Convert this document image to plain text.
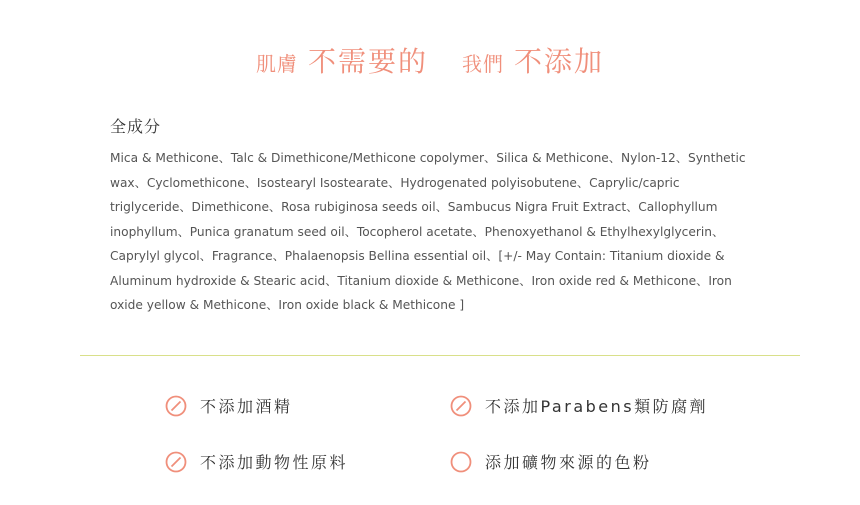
肌膚 不需要的 我們 不添加
全成分
Mica & Methicone、Talc & Dimethicone/Methicone copolymer、Silica & Methicone、Nylon-12、Synthetic wax、Cyclomethicone、Isostearyl Isostearate、Hydrogenated polyisobutene、Caprylic/capric triglyceride、Dimethicone、Rosa rubiginosa seeds oil、Sambucus Nigra Fruit Extract、Callophyllum inophyllum、Punica granatum seed oil、Tocopherol acetate、Phenoxyethanol & Ethylhexylglycerin、Caprylyl glycol、Fragrance、Phalaenopsis Bellina essential oil、[+/- May Contain: Titanium dioxide & Aluminum hydroxide & Stearic acid、Titanium dioxide & Methicone、Iron oxide red & Methicone、Iron oxide yellow & Methicone、Iron oxide black & Methicone ]
不添加酒精	不添加Parabens類防腐劑
不添加動物性原料	添加礦物來源的色粉
